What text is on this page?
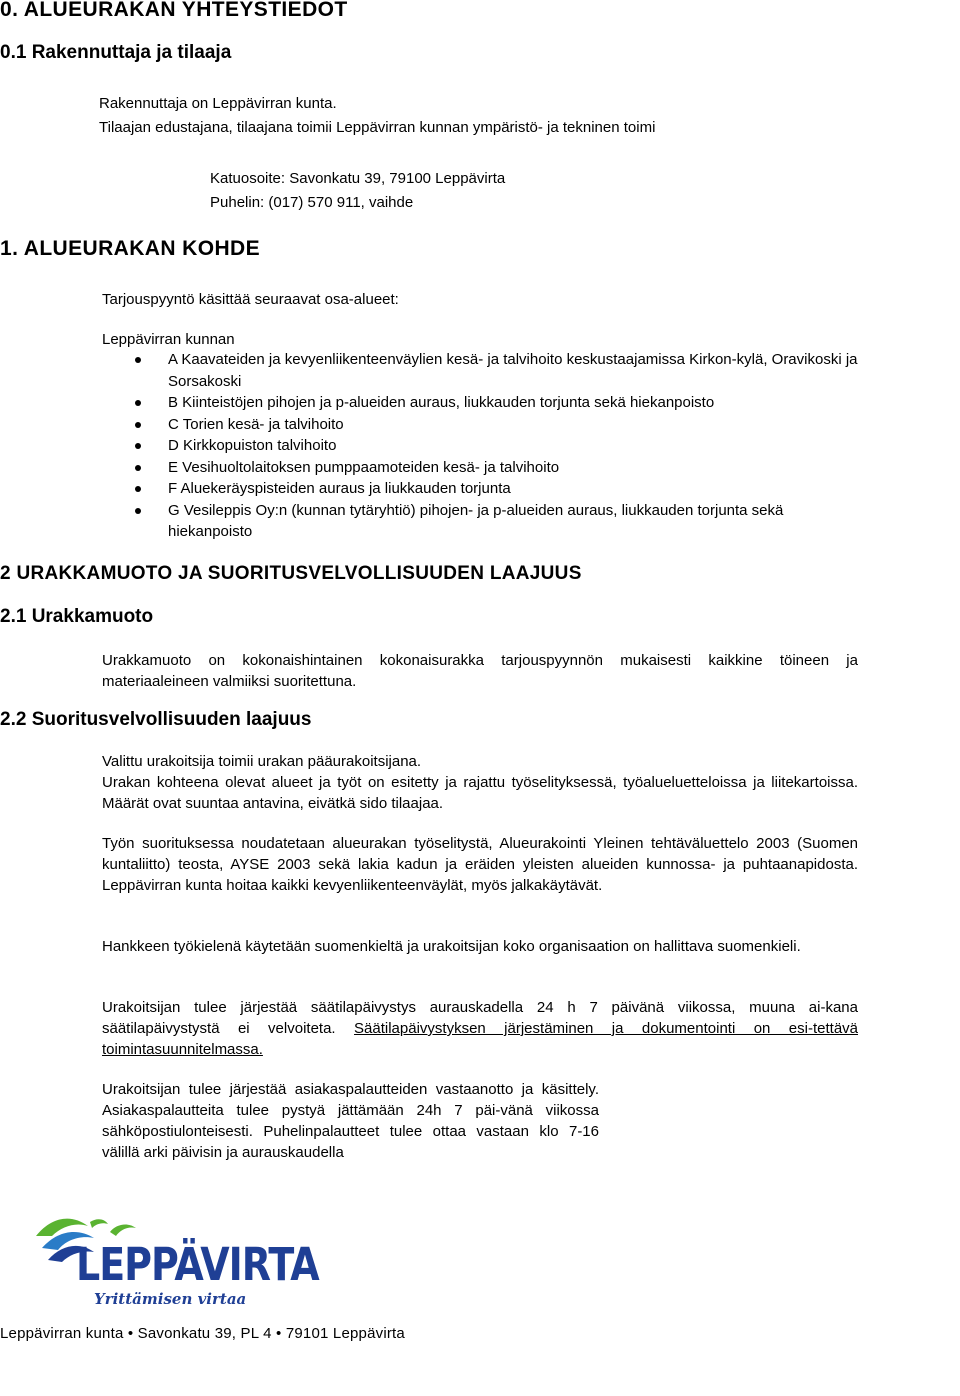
0. ALUEURAKAN YHTEYSTIEDOT
0.1 Rakennuttaja ja tilaaja
Rakennuttaja on Leppävirran kunta.
Tilaajan edustajana, tilaajana toimii Leppävirran kunnan ympäristö- ja tekninen toimi
Katuosoite: Savonkatu 39, 79100 Leppävirta
Puhelin: (017) 570 911, vaihde
1. ALUEURAKAN KOHDE
Tarjouspyyntö käsittää seuraavat osa-alueet:
Leppävirran kunnan
A Kaavateiden ja kevyenliikenteenväylien kesä- ja talvihoito keskustaajamissa Kirkon-kylä, Oravikoski ja Sorsakoski
B Kiinteistöjen pihojen ja p-alueiden auraus, liukkauden torjunta sekä hiekanpoisto
C Torien kesä- ja talvihoito
D Kirkkopuiston talvihoito
E Vesihuoltolaitoksen pumppaamoteiden kesä- ja talvihoito
F Aluekeräyspisteiden auraus ja liukkauden torjunta
G Vesileppis Oy:n (kunnan tytäryhtiö) pihojen- ja p-alueiden auraus, liukkauden torjunta sekä hiekanpoisto
2 URAKKAMUOTO JA SUORITUSVELVOLLISUUDEN LAAJUUS
2.1 Urakkamuoto
Urakkamuoto on kokonaishintainen kokonaisurakka tarjouspyynnön mukaisesti kaikkine töineen ja materiaaleineen valmiiksi suoritettuna.
2.2 Suoritusvelvollisuuden laajuus
Valittu urakoitsija toimii urakan pääurakoitsijana.
Urakan kohteena olevat alueet ja työt on esitetty ja rajattu työselityksessä, työalueluetteloissa ja liitekartoissa. Määrät ovat suuntaa antavina, eivätkä sido tilaajaa.
Työn suorituksessa noudatetaan alueurakan työselitystä, Alueurakointi Yleinen tehtäväluettelo 2003 (Suomen kuntaliitto) teosta, AYSE 2003 sekä lakia kadun ja eräiden yleisten alueiden kunnossa- ja puhtaanapidosta. Leppävirran kunta hoitaa kaikki kevyenliikenteenväylät, myös jalkakäytävät.
Hankkeen työkielenä käytetään suomenkieltä ja urakoitsijan koko organisaation on hallittava suomenkieli.
Urakoitsijan tulee järjestää säätilapäivystys aurauskadella 24 h 7 päivänä viikossa, muuna ai-kana säätilapäivystystä ei velvoiteta. Säätilapäivystyksen järjestäminen ja dokumentointi on esi-tettävä toimintasuunnitelmassa.
Urakoitsijan tulee järjestää asiakaspalautteiden vastaanotto ja käsittely. Asiakaspalautteita tulee pystyä jättämään 24h 7 päi-vänä viikossa sähköpostiulonteisesti. Puhelinpalautteet tulee ottaa vastaan klo 7-16 välillä arki päivisin ja aurauskaudella
LEPPÄVIRTA
Yrittämisen virtaa
Leppävirran kunta • Savonkatu 39, PL 4 • 79101 Leppävirta
